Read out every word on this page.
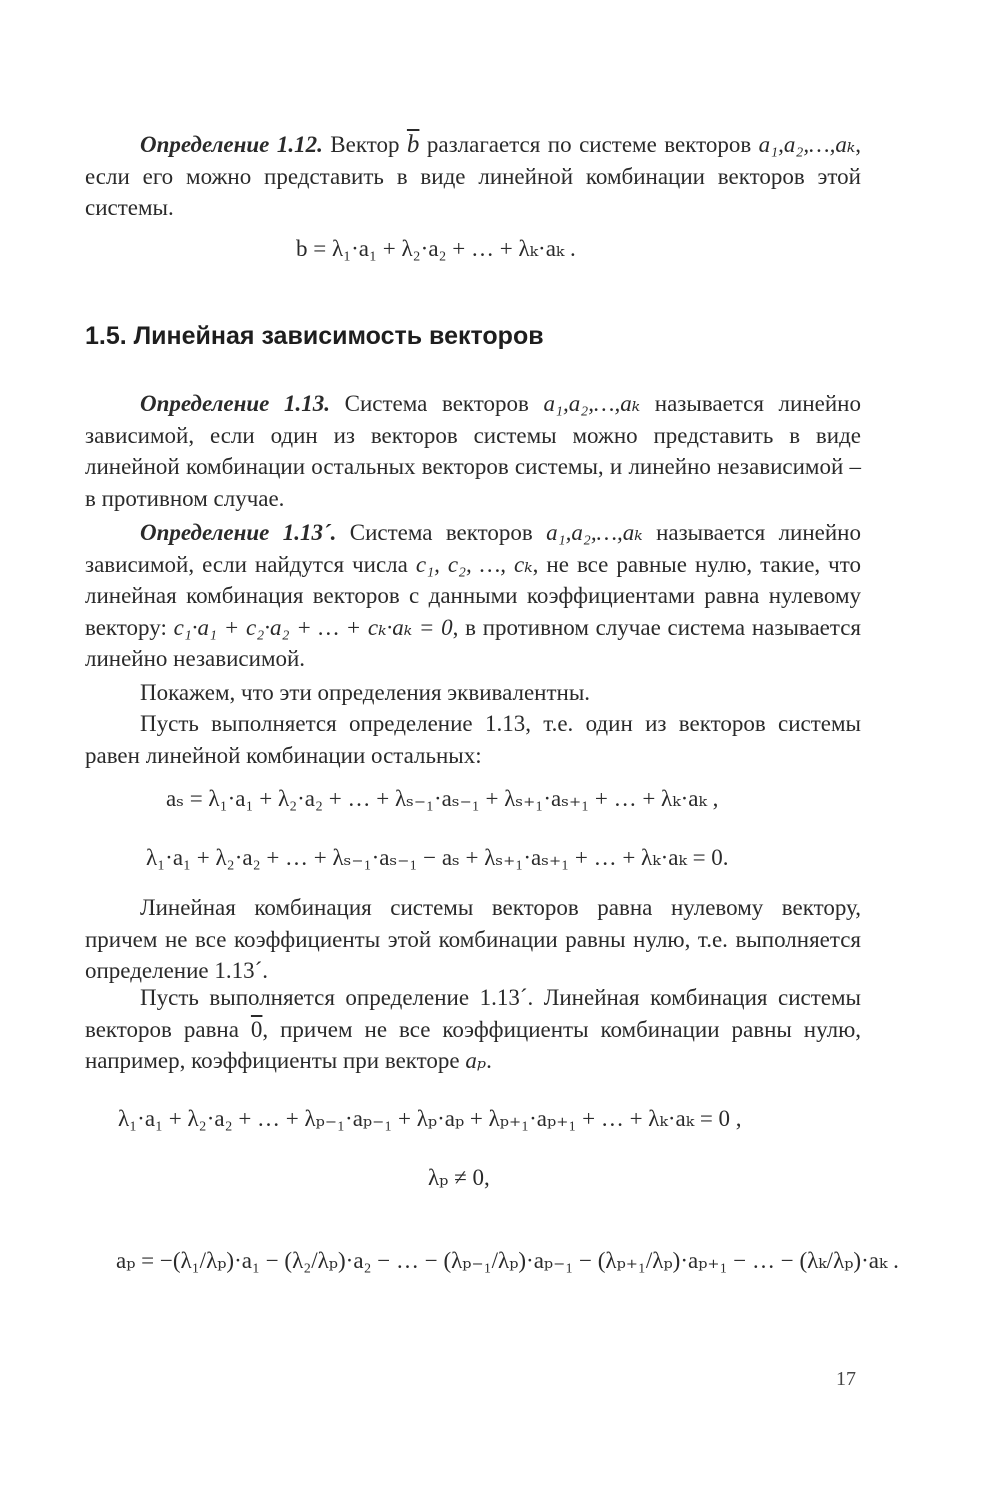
Определение 1.12. Вектор $\overline{b}$ разлагается по системе векторов a₁,a₂,…,aₖ, если его можно представить в виде линейной комбинации векторов этой системы.

b = λ₁·a₁ + λ₂·a₂ + … + λₖ·aₖ .
1.5. Линейная зависимость векторов

Определение 1.13. Система векторов a₁,a₂,…,aₖ называется линейно зависимой, если один из векторов системы можно представить в виде линейной комбинации остальных векторов системы, и линейно независимой – в противном случае.

Определение 1.13´. Система векторов a₁,a₂,…,aₖ называется линейно зависимой, если найдутся числа c₁, c₂, …, cₖ, не все равные нулю, такие, что линейная комбинация векторов с данными коэффициентами равна нулевому вектору: c₁·a₁ + c₂·a₂ + … + cₖ·aₖ = 0, в противном случае система называется линейно независимой.

Покажем, что эти определения эквивалентны.

Пусть выполняется определение 1.13, т.е. один из векторов системы равен линейной комбинации остальных:

aₛ = λ₁·a₁ + λ₂·a₂ + … + λₛ₋₁·aₛ₋₁ + λₛ₊₁·aₛ₊₁ + … + λₖ·aₖ ,
λ₁·a₁ + λ₂·a₂ + … + λₛ₋₁·aₛ₋₁ − aₛ + λₛ₊₁·aₛ₊₁ + … + λₖ·aₖ = 0.

Линейная комбинация системы векторов равна нулевому вектору, причем не все коэффициенты этой комбинации равны нулю, т.е. выполняется определение 1.13´.

Пусть выполняется определение 1.13´. Линейная комбинация системы векторов равна 0, причем не все коэффициенты комбинации равны нулю, например, коэффициенты при векторе aₚ.

λ₁·a₁ + λ₂·a₂ + … + λₚ₋₁·aₚ₋₁ + λₚ·aₚ + λₚ₊₁·aₚ₊₁ + … + λₖ·aₖ = 0 ,
λₚ ≠ 0,
aₚ = −(λ₁/λₚ)·a₁ − (λ₂/λₚ)·a₂ − … − (λₚ₋₁/λₚ)·aₚ₋₁ − (λₚ₊₁/λₚ)·aₚ₊₁ − … − (λₖ/λₚ)·aₖ .
17
